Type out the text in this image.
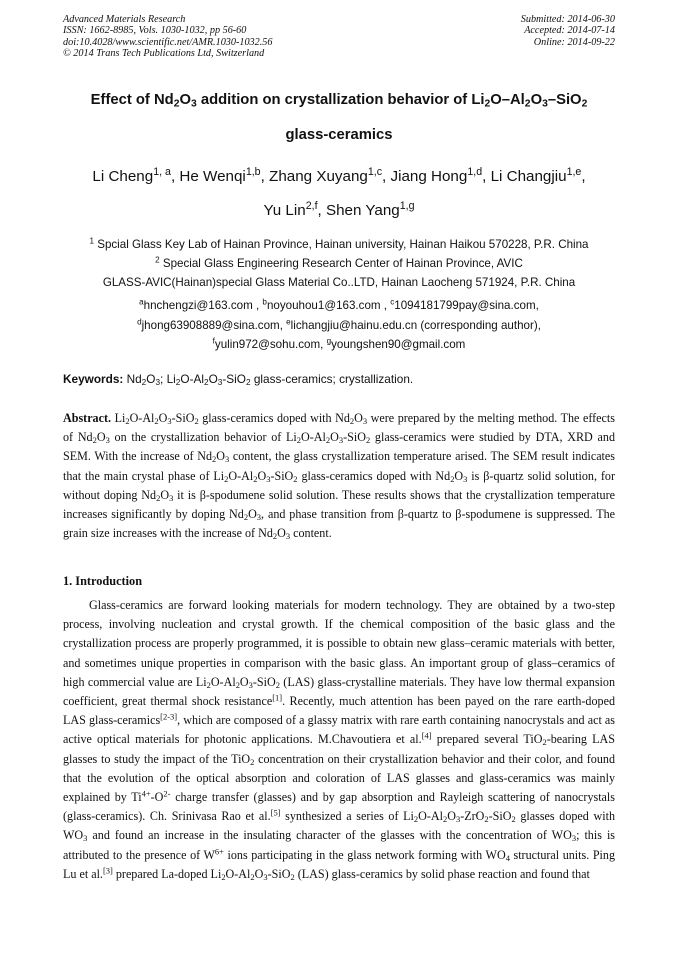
Advanced Materials Research
ISSN: 1662-8985, Vols. 1030-1032, pp 56-60
doi:10.4028/www.scientific.net/AMR.1030-1032.56
© 2014 Trans Tech Publications Ltd, Switzerland
Submitted: 2014-06-30
Accepted: 2014-07-14
Online: 2014-09-22
Effect of $Nd_2O_3$ addition on crystallization behavior of $Li_2O-Al_2O_3-SiO_2$
glass-ceramics
Li Cheng$^{1, a}$, He Wenqi$^{1,b}$, Zhang Xuyang$^{1,c}$, Jiang Hong$^{1,d}$, Li Changjiu$^{1,e}$,
Yu Lin$^{2,f}$, Shen Yang$^{1,g}$
$^1$ Spcial Glass Key Lab of Hainan Province, Hainan university, Hainan Haikou 570228, P.R. China
$^2$ Special Glass Engineering Research Center of Hainan Province, AVIC
GLASS-AVIC(Hainan)special Glass Material Co..LTD, Hainan Laocheng 571924, P.R. China
$^a$hnchengzi@163.com , $^b$noyouhou1@163.com , $^c$1094181799pay@sina.com,
$^d$jhong63908889@sina.com, $^e$lichangjiu@hainu.edu.cn (corresponding author),
$^f$yulin972@sohu.com, $^g$youngshen90@gmail.com
Keywords: $Nd_2O_3$; $Li_2O-Al_2O_3-SiO_2$ glass-ceramics; crystallization.
Abstract. $Li_2O-Al_2O_3-SiO_2$ glass-ceramics doped with $Nd_2O_3$ were prepared by the melting method. The effects of $Nd_2O_3$ on the crystallization behavior of $Li_2O-Al_2O_3-SiO_2$ glass-ceramics were studied by DTA, XRD and SEM. With the increase of $Nd_2O_3$ content, the glass crystallization temperature arised. The SEM result indicates that the main crystal phase of $Li_2O-Al_2O_3-SiO_2$ glass-ceramics doped with $Nd_2O_3$ is β-quartz solid solution, for without doping $Nd_2O_3$ it is β-spodumene solid solution. These results shows that the crystallization temperature increases significantly by doping $Nd_2O_3$, and phase transition from β-quartz to β-spodumene is suppressed. The grain size increases with the increase of $Nd_2O_3$ content.
1. Introduction
Glass-ceramics are forward looking materials for modern technology. They are obtained by a two-step process, involving nucleation and crystal growth. If the chemical composition of the basic glass and the crystallization process are properly programmed, it is possible to obtain new glass–ceramic materials with better, and sometimes unique properties in comparison with the basic glass. An important group of glass–ceramics of high commercial value are $Li_2O-Al_2O_3-SiO_2$ (LAS) glass-crystalline materials. They have low thermal expansion coefficient, great thermal shock resistance[1]. Recently, much attention has been payed on the rare earth-doped LAS glass-ceramics[2-3], which are composed of a glassy matrix with rare earth containing nanocrystals and act as active optical materials for photonic applications. M.Chavoutiera et al.[4] prepared several TiO$_2$-bearing LAS glasses to study the impact of the TiO$_2$ concentration on their crystallization behavior and their color, and found that the evolution of the optical absorption and coloration of LAS glasses and glass-ceramics was mainly explained by $Ti^{4+}-O^{2-}$ charge transfer (glasses) and by gap absorption and Rayleigh scattering of nanocrystals (glass-ceramics). Ch. Srinivasa Rao et al.[5] synthesized a series of $Li_2O-Al_2O_3-ZrO_2-SiO_2$ glasses doped with $WO_3$ and found an increase in the insulating character of the glasses with the concentration of $WO_3$; this is attributed to the presence of $W^{6+}$ ions participating in the glass network forming with $WO_4$ structural units. Ping Lu et al.[3] prepared La-doped $Li_2O-Al_2O_3-SiO_2$ (LAS) glass-ceramics by solid phase reaction and found that
